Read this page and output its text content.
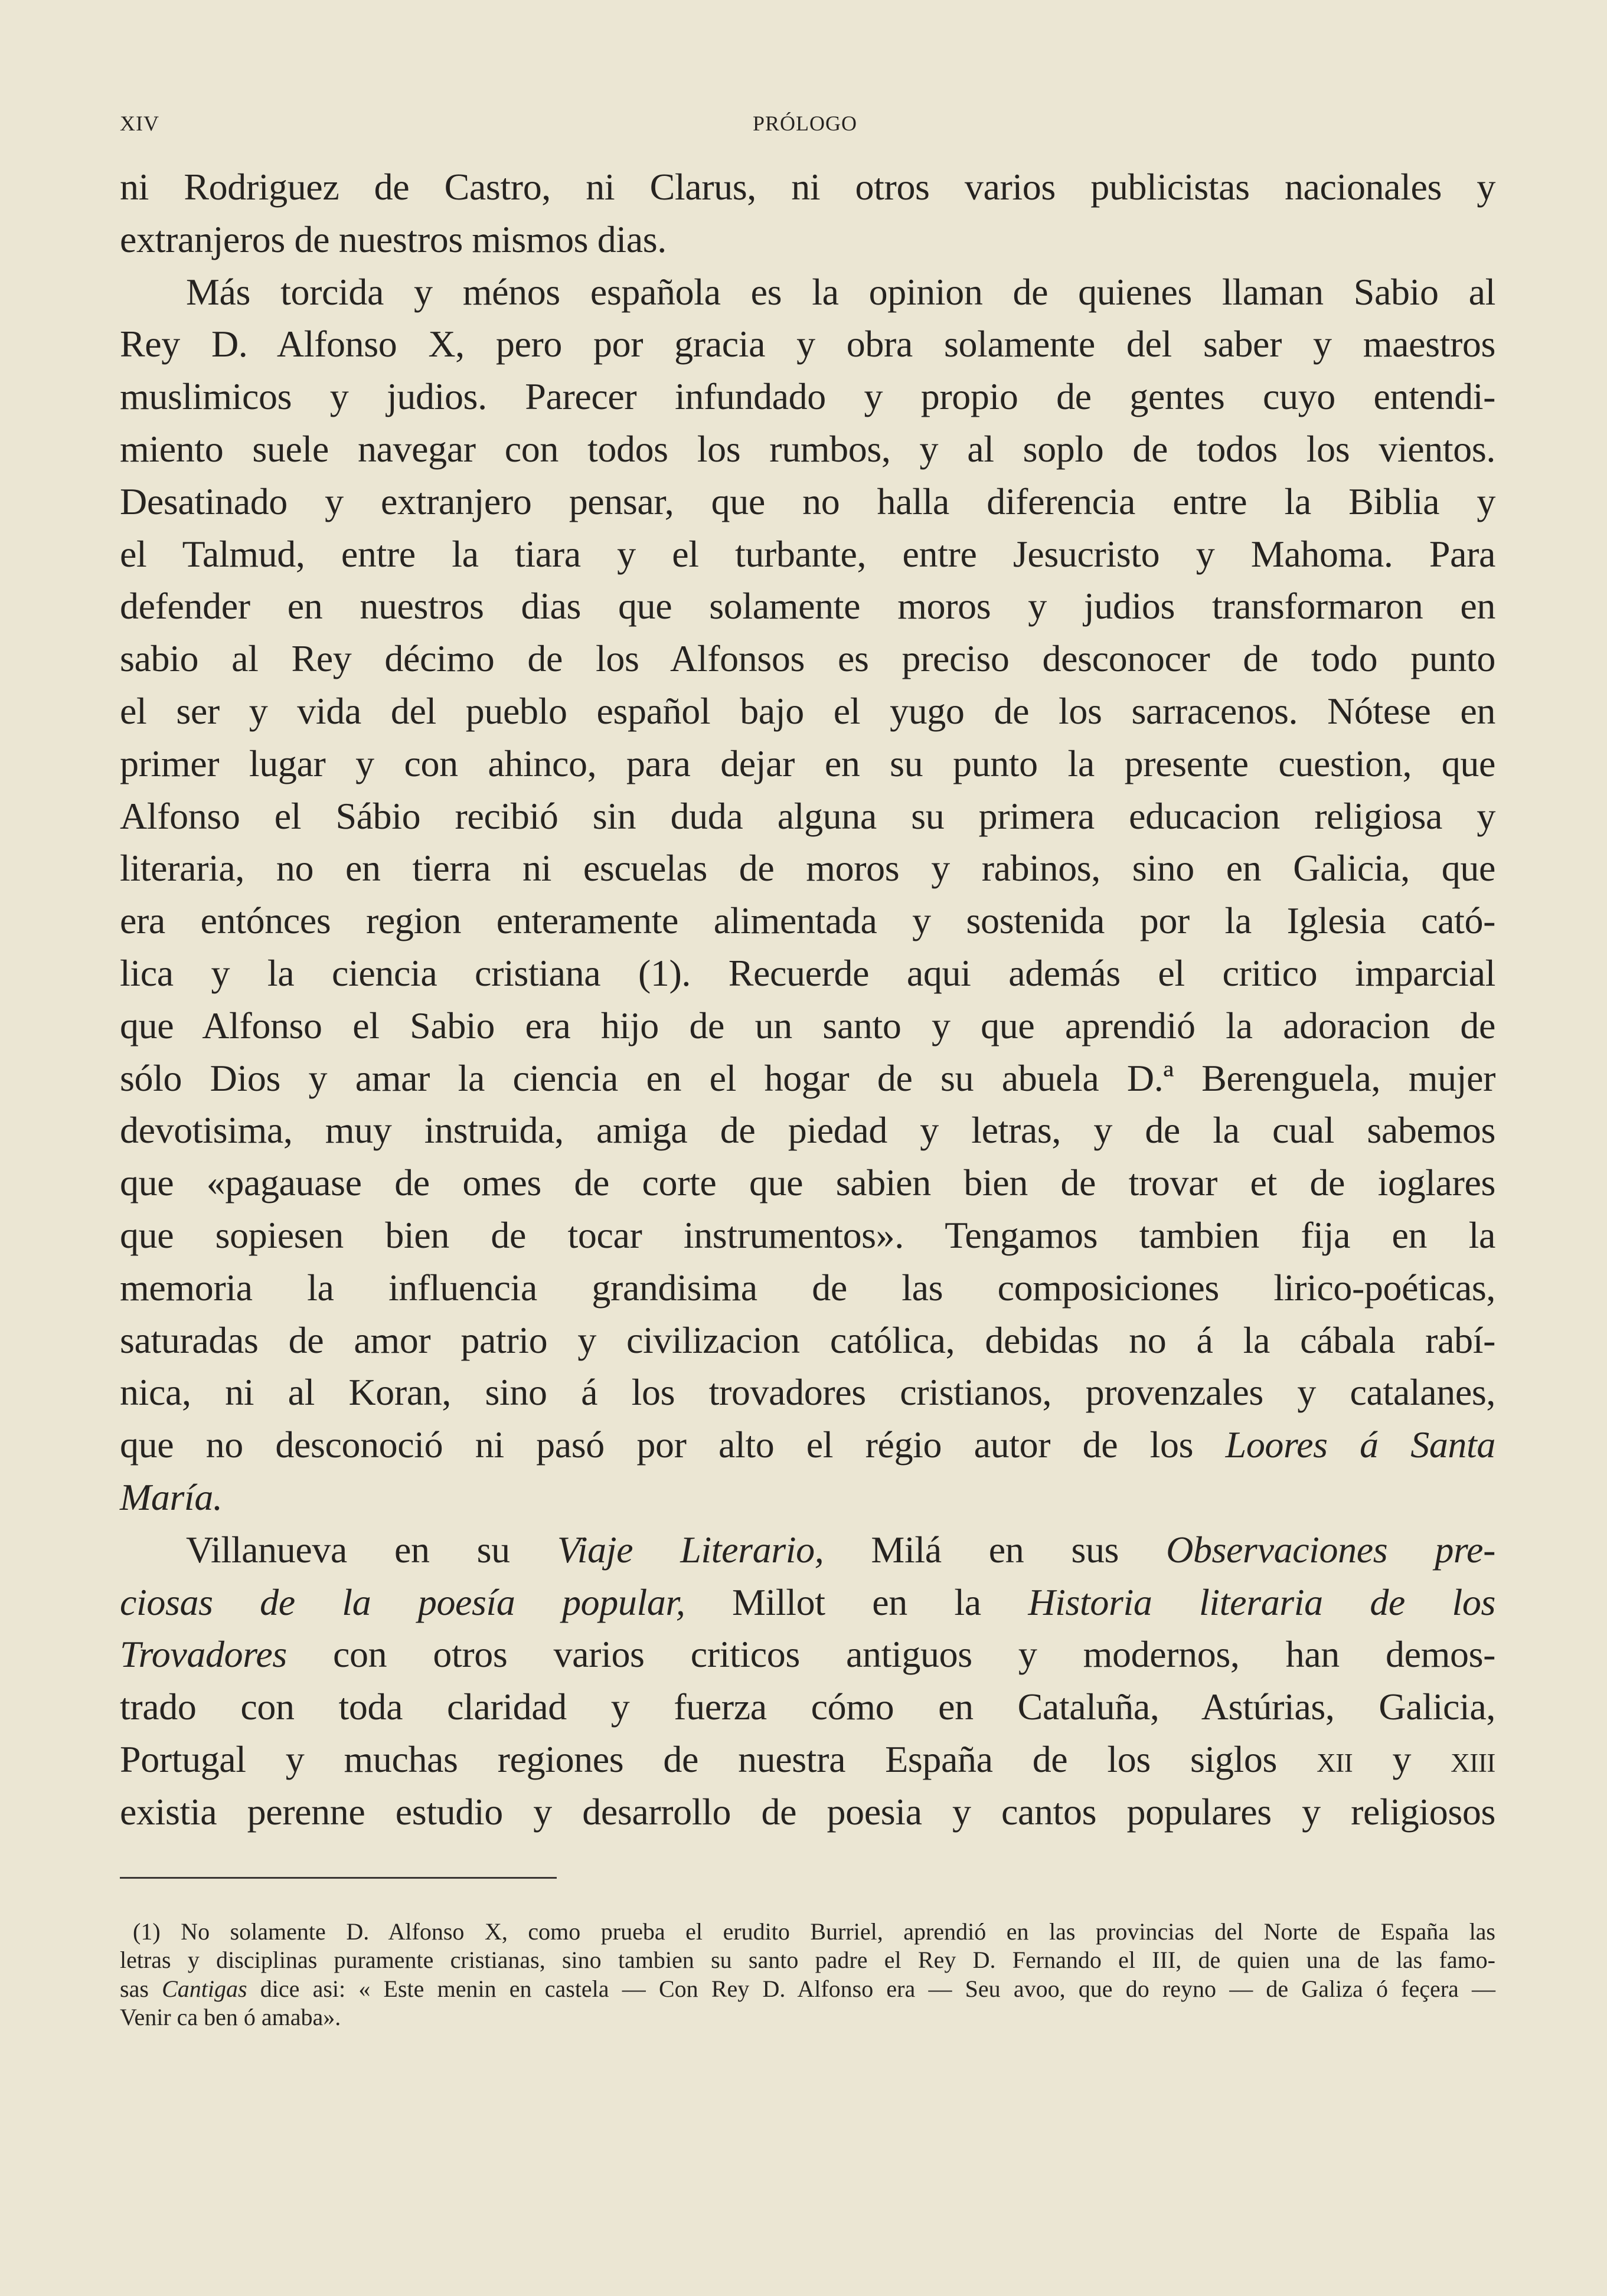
XIV	PRÓLOGO
ni Rodriguez de Castro, ni Clarus, ni otros varios publicistas nacionales y
extranjeros de nuestros mismos dias.
Más torcida y ménos española es la opinion de quienes llaman Sabio al
Rey D. Alfonso X, pero por gracia y obra solamente del saber y maestros
muslimicos y judios. Parecer infundado y propio de gentes cuyo entendi-
miento suele navegar con todos los rumbos, y al soplo de todos los vientos.
Desatinado y extranjero pensar, que no halla diferencia entre la Biblia y
el Talmud, entre la tiara y el turbante, entre Jesucristo y Mahoma. Para
defender en nuestros dias que solamente moros y judios transformaron en
sabio al Rey décimo de los Alfonsos es preciso desconocer de todo punto
el ser y vida del pueblo español bajo el yugo de los sarracenos. Nótese en
primer lugar y con ahinco, para dejar en su punto la presente cuestion, que
Alfonso el Sábio recibió sin duda alguna su primera educacion religiosa y
literaria, no en tierra ni escuelas de moros y rabinos, sino en Galicia, que
era entónces region enteramente alimentada y sostenida por la Iglesia cató-
lica y la ciencia cristiana (1). Recuerde aqui además el critico imparcial
que Alfonso el Sabio era hijo de un santo y que aprendió la adoracion de
sólo Dios y amar la ciencia en el hogar de su abuela D.ª Berenguela, mujer
devotisima, muy instruida, amiga de piedad y letras, y de la cual sabemos
que «pagauase de omes de corte que sabien bien de trovar et de ioglares
que sopiesen bien de tocar instrumentos». Tengamos tambien fija en la
memoria la influencia grandisima de las composiciones lirico-poéticas,
saturadas de amor patrio y civilizacion católica, debidas no á la cábala rabí-
nica, ni al Koran, sino á los trovadores cristianos, provenzales y catalanes,
que no desconoció ni pasó por alto el régio autor de los Loores á Santa
María.
Villanueva en su Viaje Literario, Milá en sus Observaciones pre-
ciosas de la poesía popular, Millot en la Historia literaria de los
Trovadores con otros varios criticos antiguos y modernos, han demos-
trado con toda claridad y fuerza cómo en Cataluña, Astúrias, Galicia,
Portugal y muchas regiones de nuestra España de los siglos xii y xiii
existia perenne estudio y desarrollo de poesia y cantos populares y religiosos
(1) No solamente D. Alfonso X, como prueba el erudito Burriel, aprendió en las provincias del Norte de España las
letras y disciplinas puramente cristianas, sino tambien su santo padre el Rey D. Fernando el III, de quien una de las famo-
sas Cantigas dice asi: « Este menin en castela — Con Rey D. Alfonso era — Seu avoo, que do reyno — de Galiza ó feçera —
Venir ca ben ó amaba».
